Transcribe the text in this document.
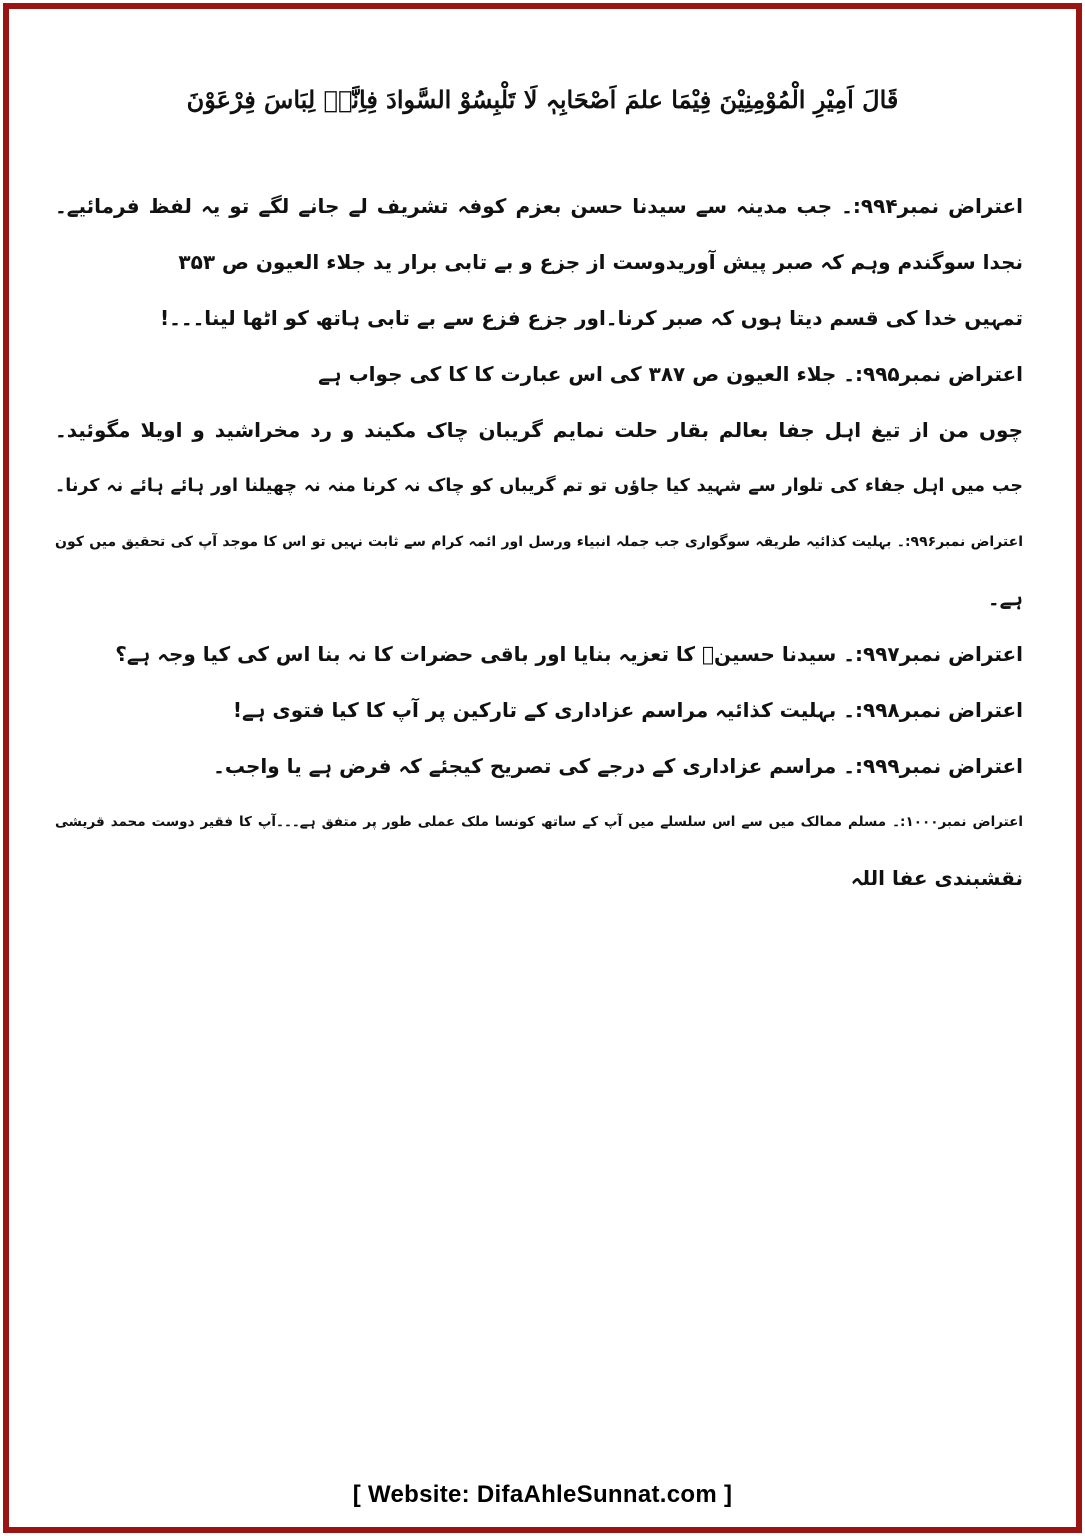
قَالَ اَمِیْرِ الْمُوْمِنِیْنَ فِیْمَا علمَ اَصْحَابِہٖ لَا تَلْبِسُوْ السَّوادَ فِاِنَّہٗ لِبَاسَ فِرْعَوْنَ
اعتراض نمبر۹۹۴:۔ جب مدینہ سے سیدنا حسن بعزم کوفہ تشریف لے جانے لگے تو یہ لفظ فرمائیے۔
نجدا سوگندم وہم کہ صبر پیش آوریدوست از جزع و بے تابی برار ید جلاء العیون ص ۳۵۳
تمہیں خدا کی قسم دیتا ہوں کہ صبر کرنا۔اور جزع فزع سے بے تابی ہاتھ کو اٹھا لینا۔۔۔!
اعتراض نمبر۹۹۵:۔ جلاء العیون ص ۳۸۷ کی اس عبارت کا کا کی جواب ہے
چوں من از تیغ اہل جفا بعالم بقار حلت نمایم گریبان چاک مکیند و رد مخراشید و اویلا مگوئید۔
جب میں اہل جفاء کی تلوار سے شہید کیا جاؤں تو تم گریباں کو چاک نہ کرنا منہ نہ چھیلنا اور ہائے ہائے نہ کرنا۔
اعتراض نمبر۹۹۶:۔ بہلیت کذائیہ طریقہ سوگواری جب جملہ انبیاء ورسل اور ائمہ کرام سے ثابت نہیں تو اس کا موجد آپ کی تحقیق میں کون
ہے۔
اعتراض نمبر۹۹۷:۔ سیدنا حسینؓ کا تعزیہ بنایا اور باقی حضرات کا نہ بنا اس کی کیا وجہ ہے؟
اعتراض نمبر۹۹۸:۔ بہلیت کذائیہ مراسم عزاداری کے تارکین پر آپ کا کیا فتوی ہے!
اعتراض نمبر۹۹۹:۔ مراسم عزاداری کے درجے کی تصریح کیجئے کہ فرض ہے یا واجب۔
اعتراض نمبر۱۰۰۰:۔ مسلم ممالک میں سے اس سلسلے میں آپ کے ساتھ کونسا ملک عملی طور پر متفق ہے۔۔۔آپ کا فقیر دوست محمد قریشی
نقشبندی عفا اللہ
[ Website: DifaAhleSunnat.com ]
